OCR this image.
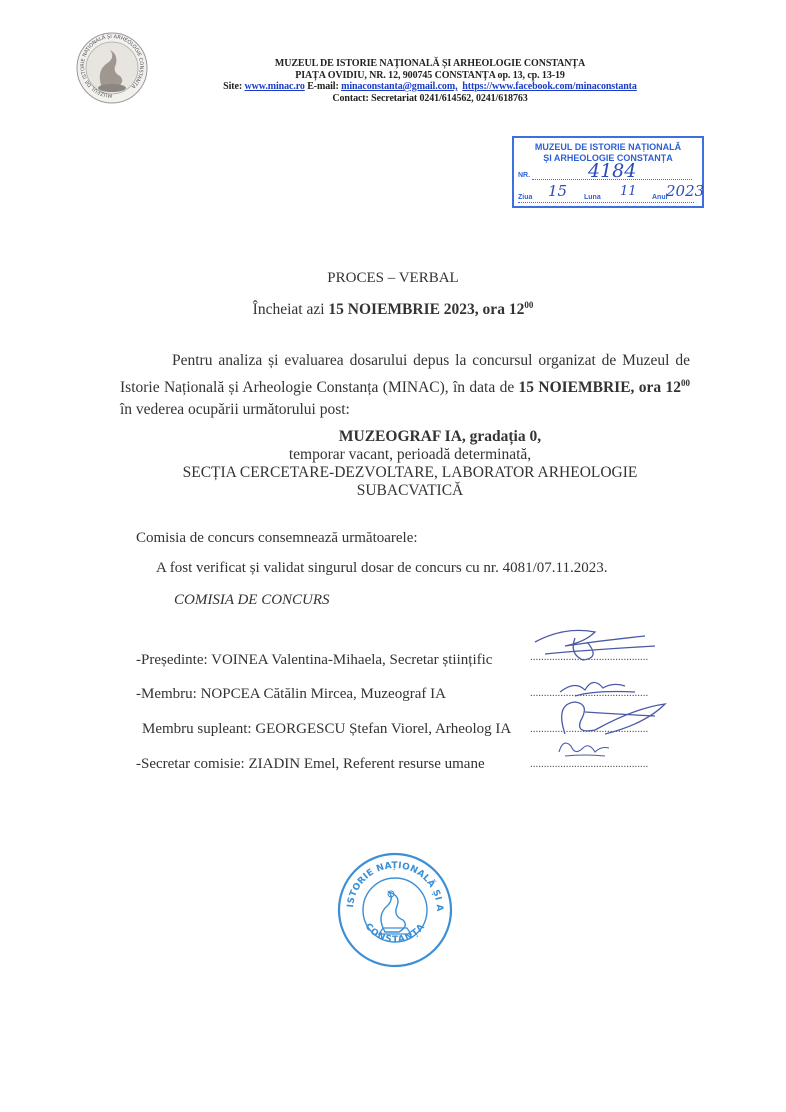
MUZEUL DE ISTORIE NAȚIONALĂ ȘI ARHEOLOGIE CONSTANȚA
MUZEUL DE ISTORIE NAȚIONALĂ ȘI ARHEOLOGIE CONSTANȚA
PIAȚA OVIDIU, NR. 12, 900745 CONSTANȚA op. 13, cp. 13-19
Site: www.minac.ro E-mail: minaconstanta@gmail.com, https://www.facebook.com/minaconstanta
Contact: Secretariat 0241/614562, 0241/618763
MUZEUL DE ISTORIE NAȚIONALĂ
ȘI ARHEOLOGIE CONSTANȚA
NR.	4184
Ziua 15 Luna 11 Anul
2023
PROCES – VERBAL
Încheiat azi 15 NOIEMBRIE 2023, ora $12^{00}$
Pentru analiza și evaluarea dosarului depus la concursul organizat de Muzeul de Istorie Națională și Arheologie Constanța (MINAC), în data de 15 NOIEMBRIE, ora $12^{00}$ în vederea ocupării următorului post:
MUZEOGRAF IA, gradația 0,
temporar vacant, perioadă determinată,
SECȚIA CERCETARE-DEZVOLTARE, LABORATOR ARHEOLOGIE
SUBACVATICĂ
Comisia de concurs consemnează următoarele:
A fost verificat și validat singurul dosar de concurs cu nr. 4081/07.11.2023.
COMISIA DE CONCURS
-Președinte: VOINEA Valentina-Mihaela, Secretar științific	...........................................
-Membru: NOPCEA Cătălin Mircea, Muzeograf IA	...........................................
Membru supleant: GEORGESCU Ștefan Viorel, Arheolog IA ...........................................
-Secretar comisie: ZIADIN Emel, Referent resurse umane	...........................................
ISTORIE NAȚIONALĂ ȘI A
CONSTANȚA
